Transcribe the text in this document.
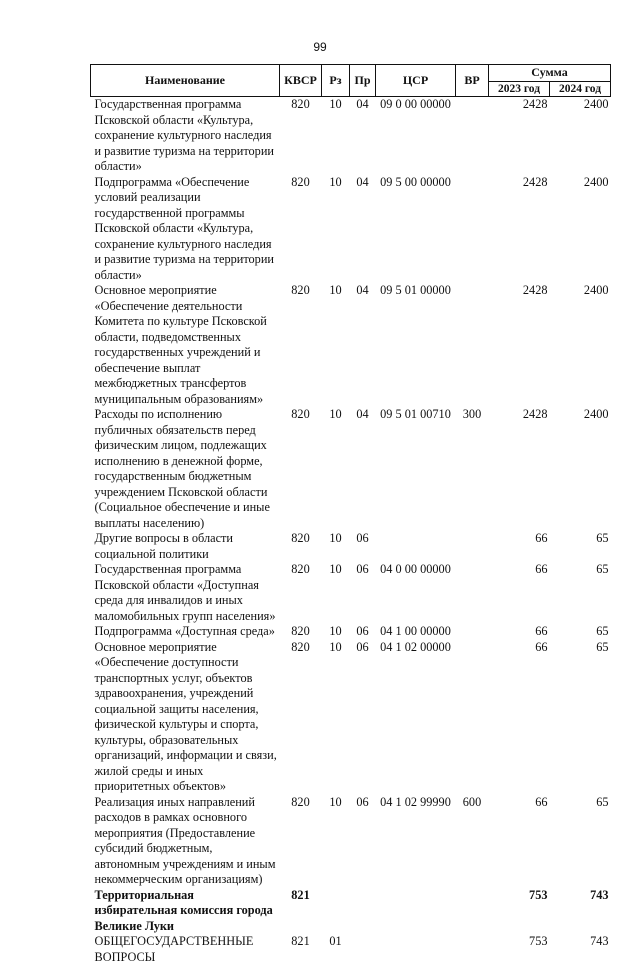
99
Наименование	КВСР	Рз	Пр	ЦСР	ВР	Сумма	
						2023 год	2024 год
Государственная программа Псковской области «Культура, сохранение культурного наследия и развитие туризма на территории области»	820	10	04	09 0 00 00000		2428	2400
Подпрограмма «Обеспечение условий реализации государственной программы Псковской области «Культура, сохранение культурного наследия и развитие туризма на территории области»	820	10	04	09 5 00 00000		2428	2400
Основное мероприятие «Обеспечение деятельности Комитета по культуре Псковской области, подведомственных государственных учреждений и обеспечение выплат межбюджетных трансфертов муниципальным образованиям»	820	10	04	09 5 01 00000		2428	2400
Расходы по исполнению публичных обязательств перед физическим лицом, подлежащих исполнению в денежной форме, государственным бюджетным учреждением Псковской области (Социальное обеспечение и иные выплаты населению)	820	10	04	09 5 01 00710	300	2428	2400
Другие вопросы в области социальной политики	820	10	06			66	65
Государственная программа Псковской области «Доступная среда для инвалидов и иных маломобильных групп населения»	820	10	06	04 0 00 00000		66	65
Подпрограмма «Доступная среда»	820	10	06	04 1 00 00000		66	65
Основное мероприятие «Обеспечение доступности транспортных услуг, объектов здравоохранения, учреждений социальной защиты населения, физической культуры и спорта, культуры, образовательных организаций, информации и связи, жилой среды и иных приоритетных объектов»	820	10	06	04 1 02 00000		66	65
Реализация иных направлений расходов в рамках основного мероприятия (Предоставление субсидий бюджетным, автономным учреждениям и иным некоммерческим организациям)	820	10	06	04 1 02 99990	600	66	65
Территориальная избирательная комиссия города Великие Луки	821					753	743
ОБЩЕГОСУДАРСТВЕННЫЕ ВОПРОСЫ	821	01				753	743
